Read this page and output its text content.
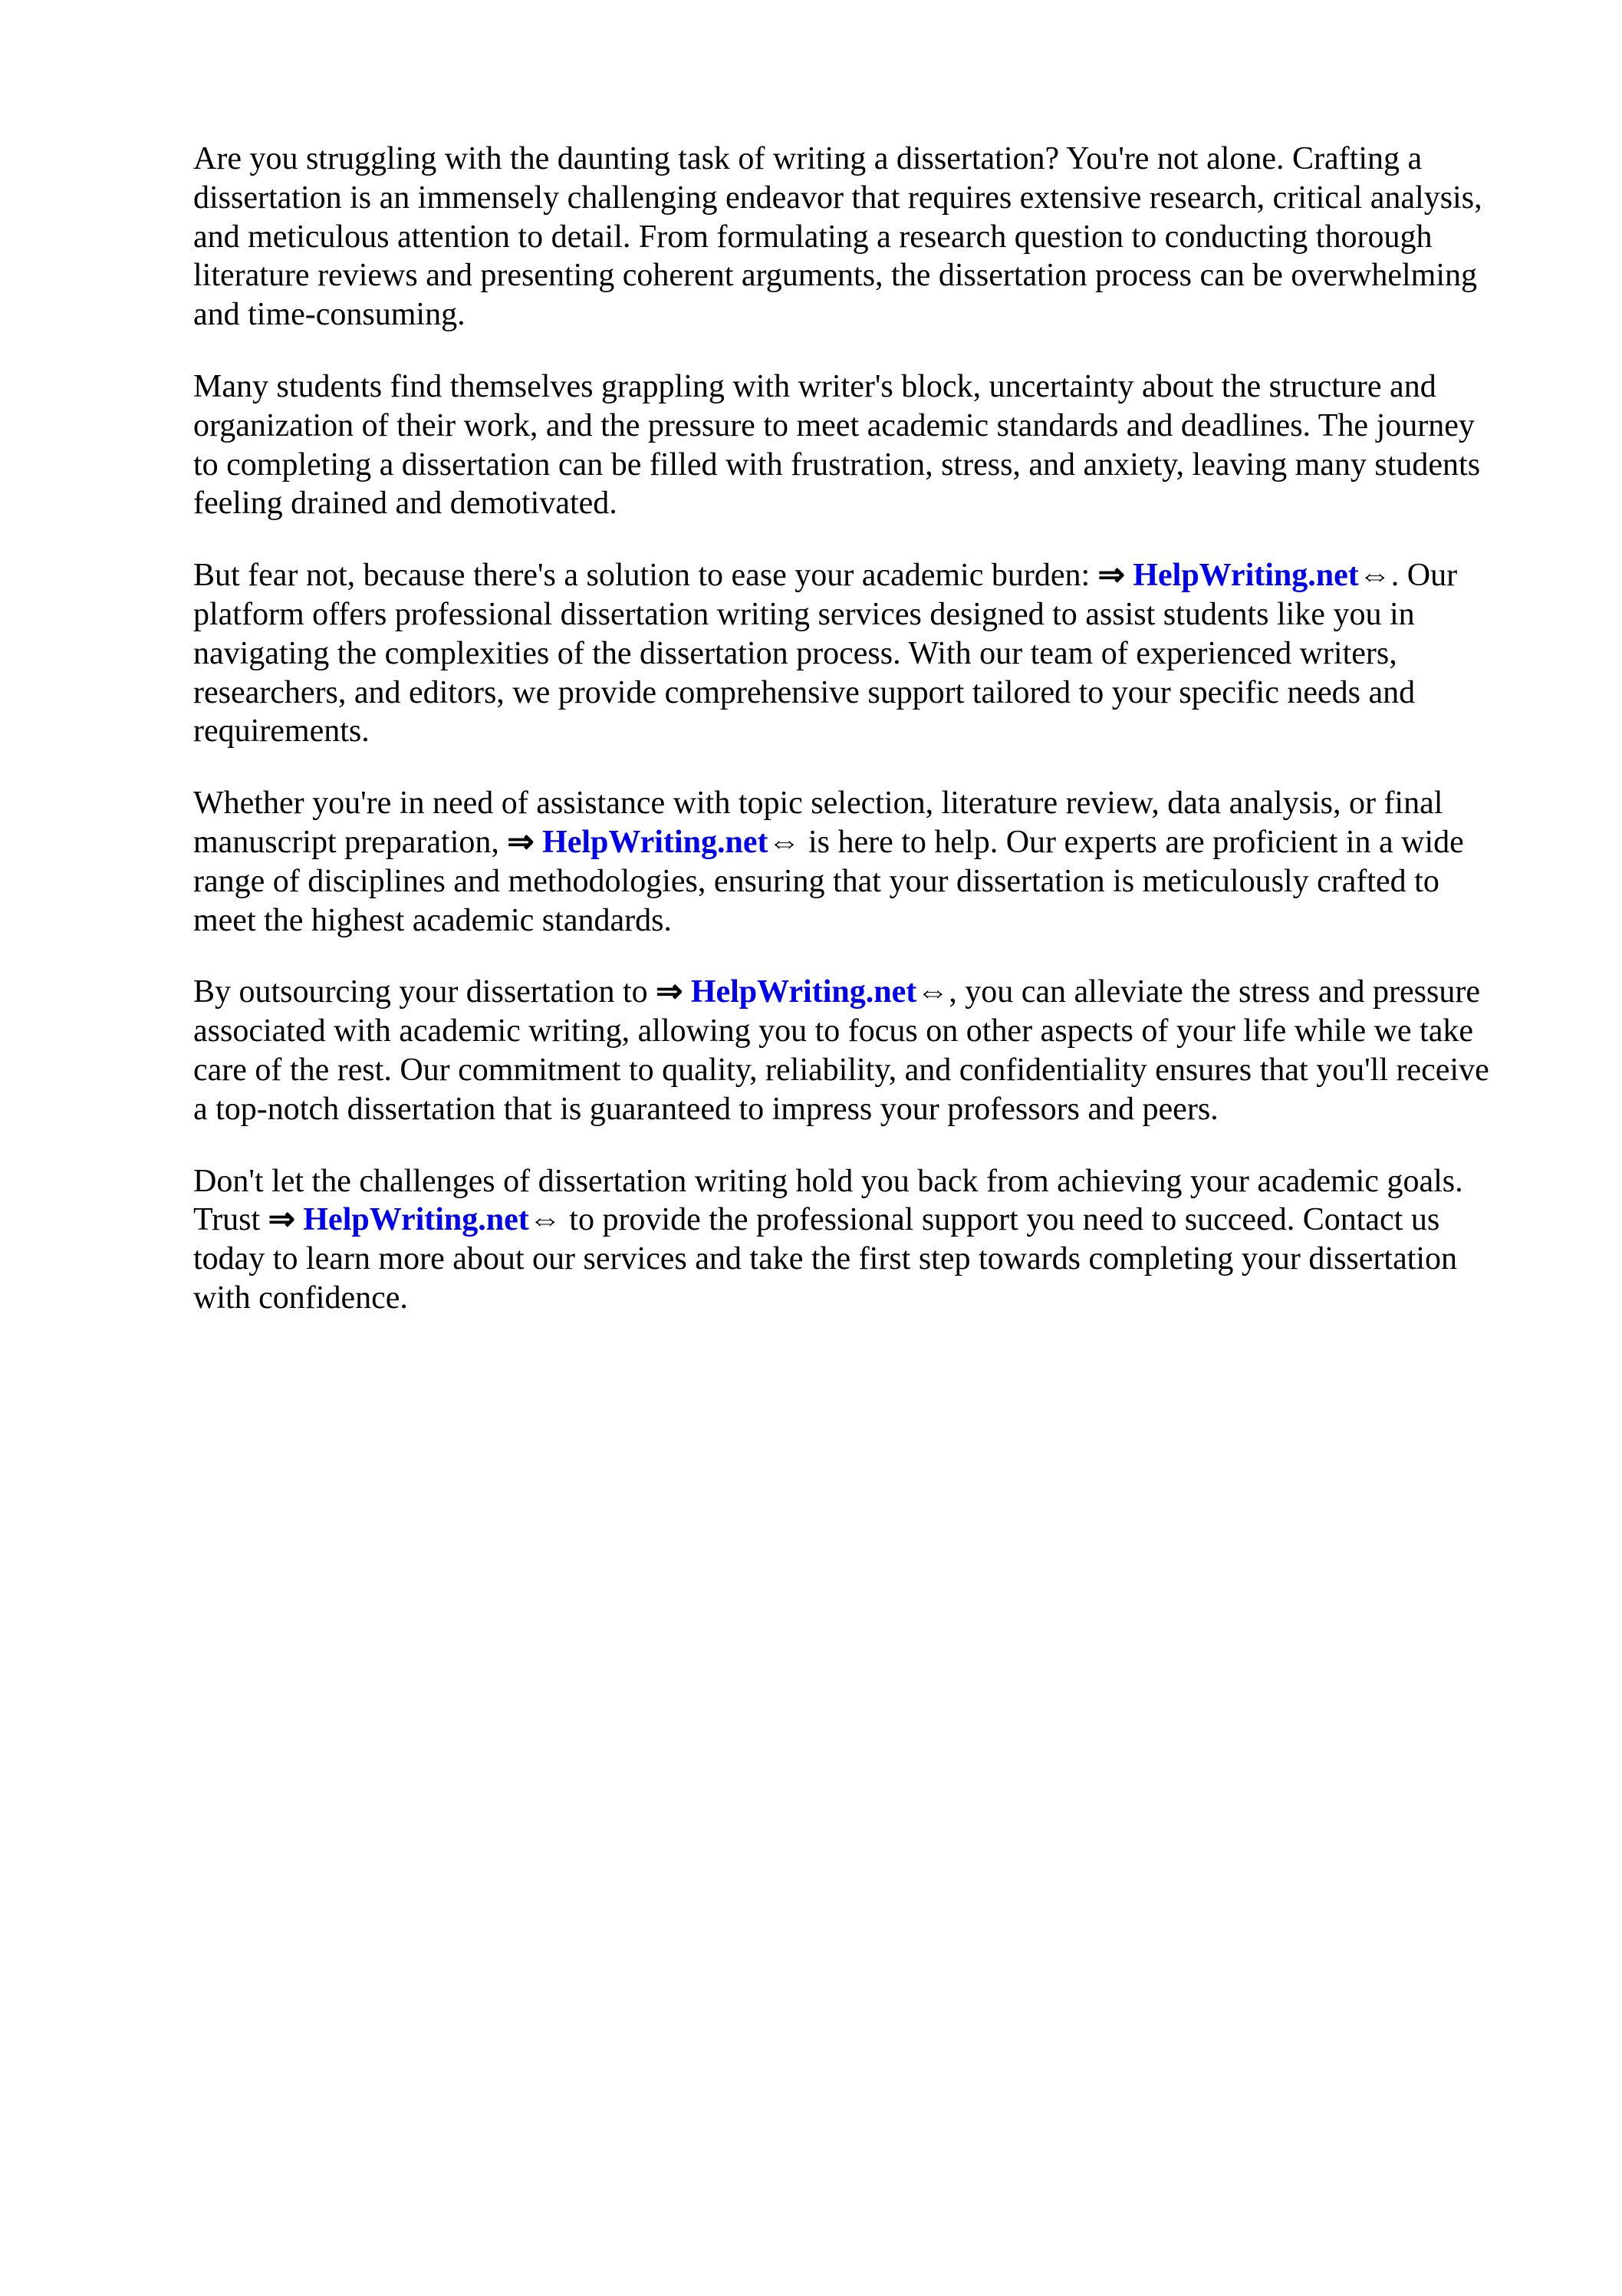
Are you struggling with the daunting task of writing a dissertation? You're not alone. Crafting a
dissertation is an immensely challenging endeavor that requires extensive research, critical analysis,
and meticulous attention to detail. From formulating a research question to conducting thorough
literature reviews and presenting coherent arguments, the dissertation process can be overwhelming
and time-consuming.

Many students find themselves grappling with writer's block, uncertainty about the structure and
organization of their work, and the pressure to meet academic standards and deadlines. The journey
to completing a dissertation can be filled with frustration, stress, and anxiety, leaving many students
feeling drained and demotivated.

But fear not, because there's a solution to ease your academic burden: ⇒ HelpWriting.net⇔. Our
platform offers professional dissertation writing services designed to assist students like you in
navigating the complexities of the dissertation process. With our team of experienced writers,
researchers, and editors, we provide comprehensive support tailored to your specific needs and
requirements.

Whether you're in need of assistance with topic selection, literature review, data analysis, or final
manuscript preparation, ⇒ HelpWriting.net⇔ is here to help. Our experts are proficient in a wide
range of disciplines and methodologies, ensuring that your dissertation is meticulously crafted to
meet the highest academic standards.

By outsourcing your dissertation to ⇒ HelpWriting.net⇔, you can alleviate the stress and pressure
associated with academic writing, allowing you to focus on other aspects of your life while we take
care of the rest. Our commitment to quality, reliability, and confidentiality ensures that you'll receive
a top-notch dissertation that is guaranteed to impress your professors and peers.

Don't let the challenges of dissertation writing hold you back from achieving your academic goals.
Trust ⇒ HelpWriting.net⇔ to provide the professional support you need to succeed. Contact us
today to learn more about our services and take the first step towards completing your dissertation
with confidence.
